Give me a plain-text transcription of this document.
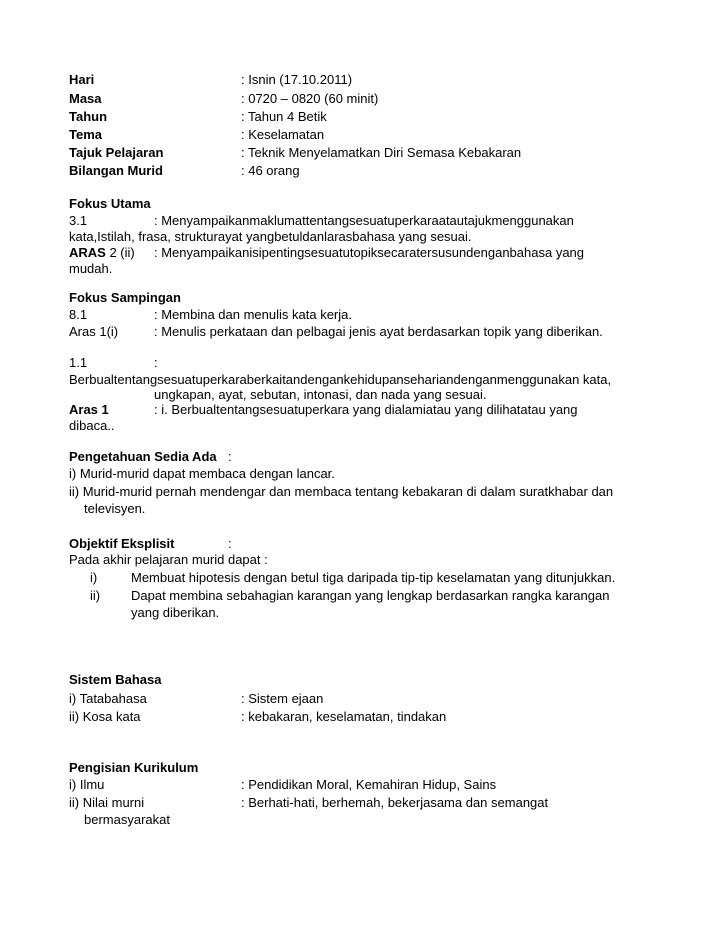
Hari	: Isnin (17.10.2011)
Masa	: 0720 – 0820 (60 minit)
Tahun	: Tahun 4 Betik
Tema	: Keselamatan
Tajuk Pelajaran	: Teknik Menyelamatkan Diri Semasa Kebakaran
Bilangan Murid	: 46 orang
Fokus Utama
3.1	: Menyampaikanmaklumattentangsesuatuperkaraatautajukmenggunakan
kata,Istilah, frasa, strukturayat yangbetuldanlarasbahasa yang sesuai.
ARAS 2 (ii) : Menyampaikanisipentingsesuatutopiksecaratersusundenganbahasa yang
mudah.
Fokus Sampingan
8.1	: Membina dan menulis kata kerja.
Aras 1(i)	: Menulis perkataan dan pelbagai jenis ayat berdasarkan topik yang diberikan.
1.1	:
Berbualtentangsesuatuperkaraberkaitandengankehidupansehariandenganmenggunakan kata,
ungkapan, ayat, sebutan, intonasi, dan nada yang sesuai.
Aras 1	: i. Berbualtentangsesuatuperkara yang dialamiatau yang dilihatatau yang
dibaca..
Pengetahuan Sedia Ada :
i) Murid-murid dapat membaca dengan lancar.
ii) Murid-murid pernah mendengar dan membaca tentang kebakaran di dalam suratkhabar dan
televisyen.
Objektif Eksplisit	:
Pada akhir pelajaran murid dapat :
i)	Membuat hipotesis dengan betul tiga daripada tip-tip keselamatan yang ditunjukkan.
ii) Dapat membina sebahagian karangan yang lengkap berdasarkan rangka karangan
yang diberikan.
Sistem Bahasa
i) Tatabahasa	: Sistem ejaan
ii) Kosa kata	: kebakaran, keselamatan, tindakan
Pengisian Kurikulum
i) Ilmu	: Pendidikan Moral, Kemahiran Hidup, Sains
ii) Nilai murni	: Berhati-hati, berhemah, bekerjasama dan semangat
bermasyarakat
